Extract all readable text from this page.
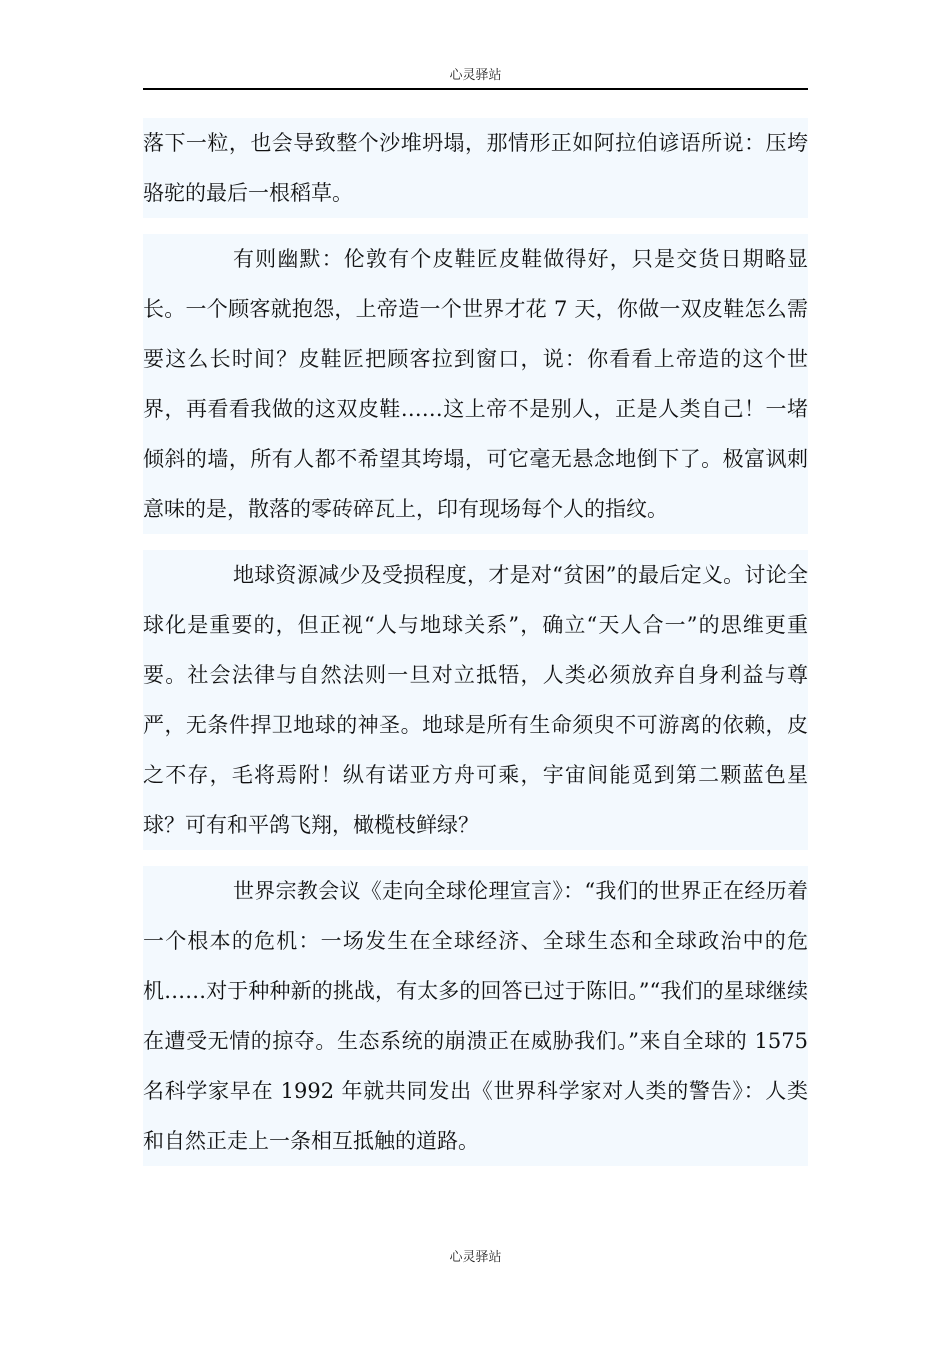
心灵驿站

落下一粒，也会导致整个沙堆坍塌，那情形正如阿拉伯谚语所说：压垮骆驼的最后一根稻草。

有则幽默：伦敦有个皮鞋匠皮鞋做得好，只是交货日期略显长。一个顾客就抱怨，上帝造一个世界才花 7 天，你做一双皮鞋怎么需要这么长时间？皮鞋匠把顾客拉到窗口，说：你看看上帝造的这个世界，再看看我做的这双皮鞋……这上帝不是别人，正是人类自己！一堵倾斜的墙，所有人都不希望其垮塌，可它毫无悬念地倒下了。极富讽刺意味的是，散落的零砖碎瓦上，印有现场每个人的指纹。

地球资源减少及受损程度，才是对“贫困”的最后定义。讨论全球化是重要的，但正视“人与地球关系”，确立“天人合一”的思维更重要。社会法律与自然法则一旦对立抵牾，人类必须放弃自身利益与尊严，无条件捍卫地球的神圣。地球是所有生命须臾不可游离的依赖，皮之不存，毛将焉附！纵有诺亚方舟可乘，宇宙间能觅到第二颗蓝色星球？可有和平鸽飞翔，橄榄枝鲜绿？

世界宗教会议《走向全球伦理宣言》：“我们的世界正在经历着一个根本的危机：一场发生在全球经济、全球生态和全球政治中的危机……对于种种新的挑战，有太多的回答已过于陈旧。”“我们的星球继续在遭受无情的掠夺。生态系统的崩溃正在威胁我们。”来自全球的 1575 名科学家早在 1992 年就共同发出《世界科学家对人类的警告》：人类和自然正走上一条相互抵触的道路。

心灵驿站
